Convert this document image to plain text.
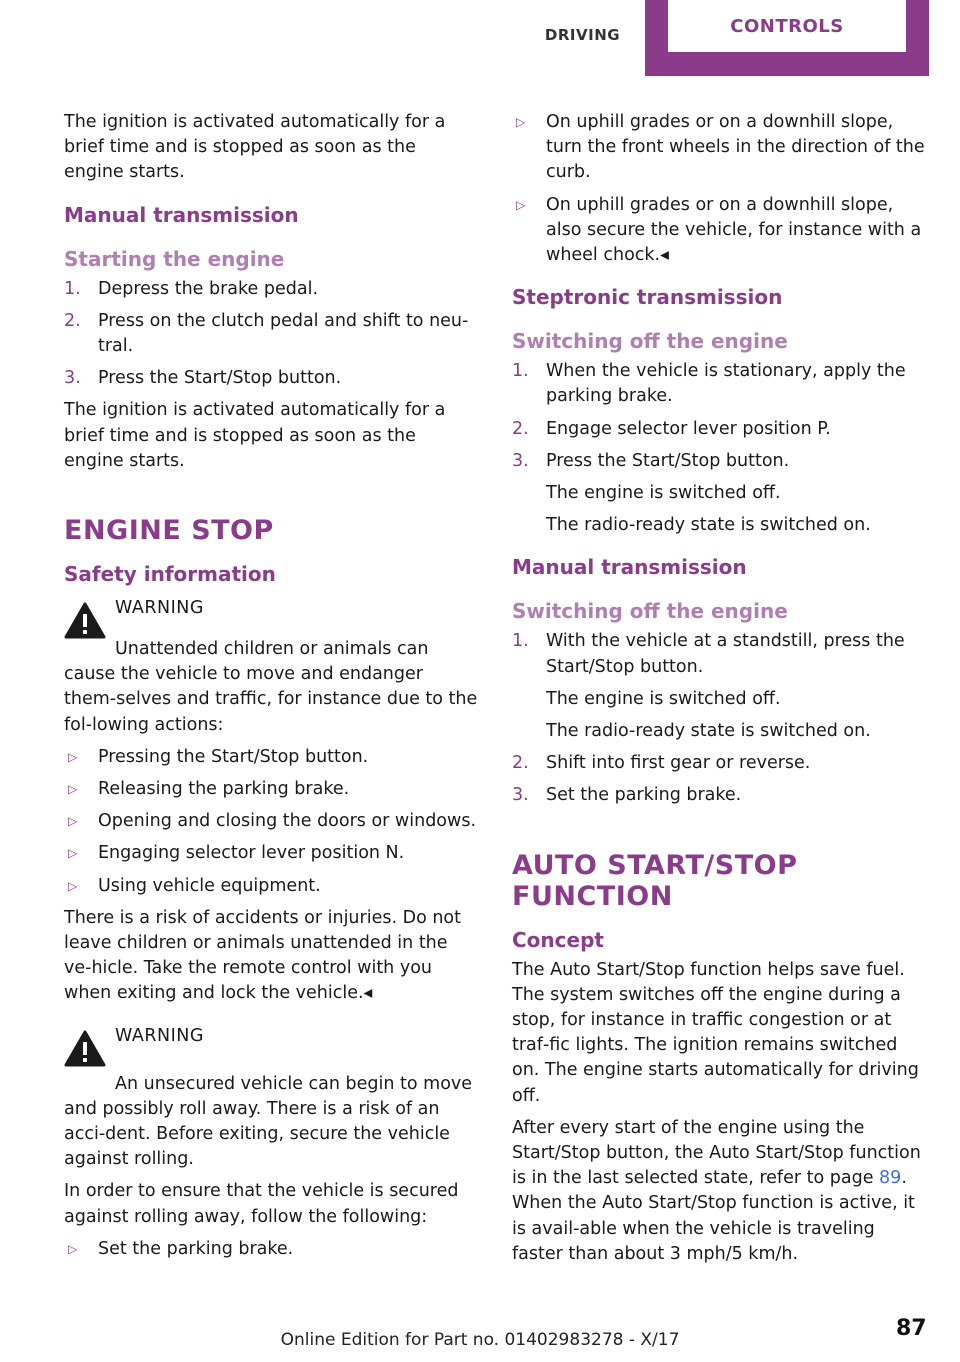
DRIVING	CONTROLS

The ignition is activated automatically for a brief time and is stopped as soon as the engine starts.

Manual transmission
Starting the engine
1. Depress the brake pedal.
2. Press on the clutch pedal and shift to neu‐tral.
3. Press the Start/Stop button.

The ignition is activated automatically for a brief time and is stopped as soon as the engine starts.

ENGINE STOP
Safety information
WARNING

Unattended children or animals can cause the vehicle to move and endanger them‐selves and traffic, for instance due to the fol‐lowing actions:

▷	Pressing the Start/Stop button.
▷	Releasing the parking brake.
▷	Opening and closing the doors or windows.
▷	Engaging selector lever position N.
▷	Using vehicle equipment.

There is a risk of accidents or injuries. Do not leave children or animals unattended in the ve‐hicle. Take the remote control with you when exiting and lock the vehicle.◂

WARNING

An unsecured vehicle can begin to move and possibly roll away. There is a risk of an acci‐dent. Before exiting, secure the vehicle against rolling.

In order to ensure that the vehicle is secured against rolling away, follow the following:

▷	Set the parking brake.
▷	On uphill grades or on a downhill slope, turn the front wheels in the direction of the curb.
▷	On uphill grades or on a downhill slope, also secure the vehicle, for instance with a wheel chock.◂
Steptronic transmission
Switching off the engine
1. When the vehicle is stationary, apply the parking brake.
2. Engage selector lever position P.
3. Press the Start/Stop button.

The engine is switched off.

The radio-ready state is switched on.

Manual transmission
Switching off the engine
1. With the vehicle at a standstill, press the Start/Stop button.

The engine is switched off.

The radio-ready state is switched on.

2. Shift into first gear or reverse.
3. Set the parking brake.
AUTO START/STOP FUNCTION
Concept

The Auto Start/Stop function helps save fuel. The system switches off the engine during a stop, for instance in traffic congestion or at traf‐fic lights. The ignition remains switched on. The engine starts automatically for driving off.

After every start of the engine using the Start/Stop button, the Auto Start/Stop function is in the last selected state, refer to page 89. When the Auto Start/Stop function is active, it is avail‐able when the vehicle is traveling faster than about 3 mph/5 km/h.

Online Edition for Part no. 01402983278 - X/17	87
